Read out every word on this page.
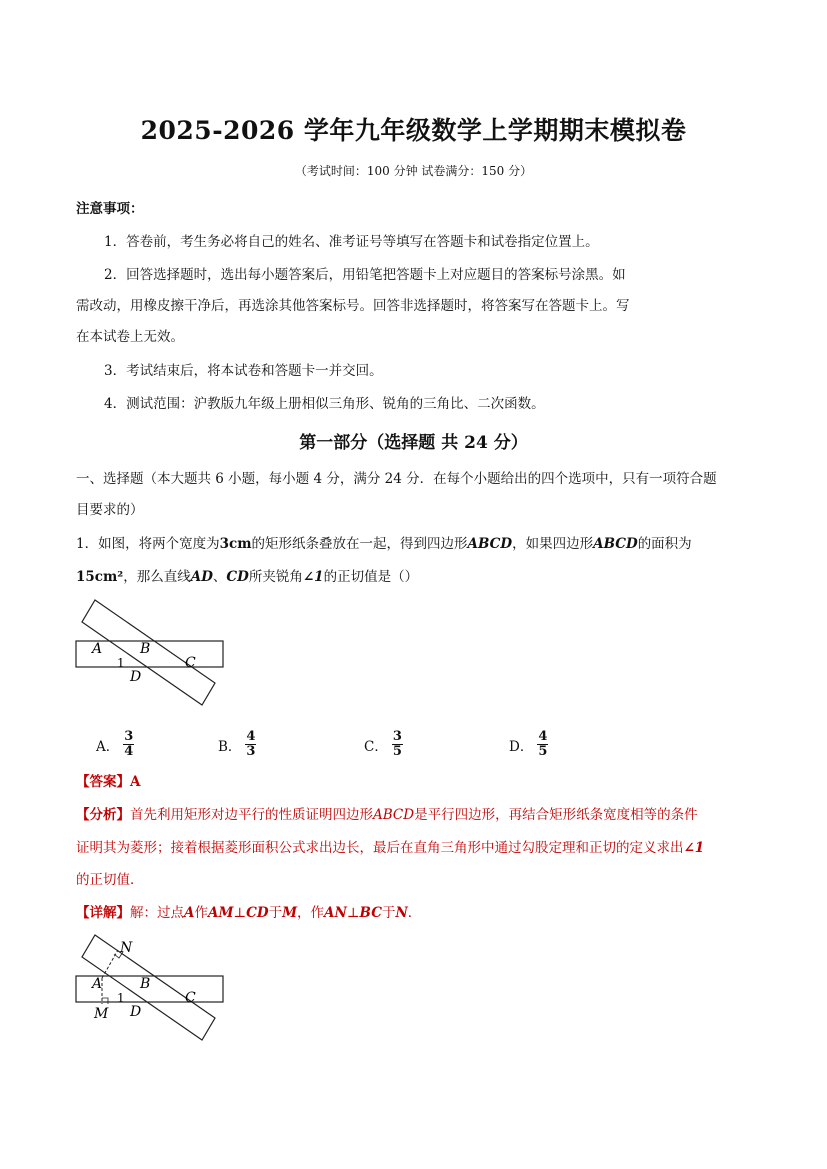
2025-2026 学年九年级数学上学期期末模拟卷
（考试时间：100 分钟 试卷满分：150 分）
注意事项：
1．答卷前，考生务必将自己的姓名、准考证号等填写在答题卡和试卷指定位置上。
2．回答选择题时，选出每小题答案后，用铅笔把答题卡上对应题目的答案标号涂黑。如
需改动，用橡皮擦干净后，再选涂其他答案标号。回答非选择题时，将答案写在答题卡上。写
在本试卷上无效。
3．考试结束后，将本试卷和答题卡一并交回。
4．测试范围：沪教版九年级上册相似三角形、锐角的三角比、二次函数。
第一部分（选择题 共 24 分）
一、选择题（本大题共 6 小题，每小题 4 分，满分 24 分．在每个小题给出的四个选项中，只有一项符合题
目要求的）
1．如图，将两个宽度为3cm的矩形纸条叠放在一起，得到四边形ABCD，如果四边形ABCD的面积为
15cm²，那么直线AD、CD所夹锐角∠1的正切值是（）
A	B
C
D
1
A． $\frac{3}{4}$	B． $\frac{4}{3}$	C． $\frac{3}{5}$	D． $\frac{4}{5}$
【答案】A
【分析】首先利用矩形对边平行的性质证明四边形ABCD是平行四边形，再结合矩形纸条宽度相等的条件
证明其为菱形；接着根据菱形面积公式求出边长，最后在直角三角形中通过勾股定理和正切的定义求出∠1
的正切值．
【详解】解：过点A作AM⊥CD于M，作AN⊥BC于N．
A	B
C
D
M
N
1
